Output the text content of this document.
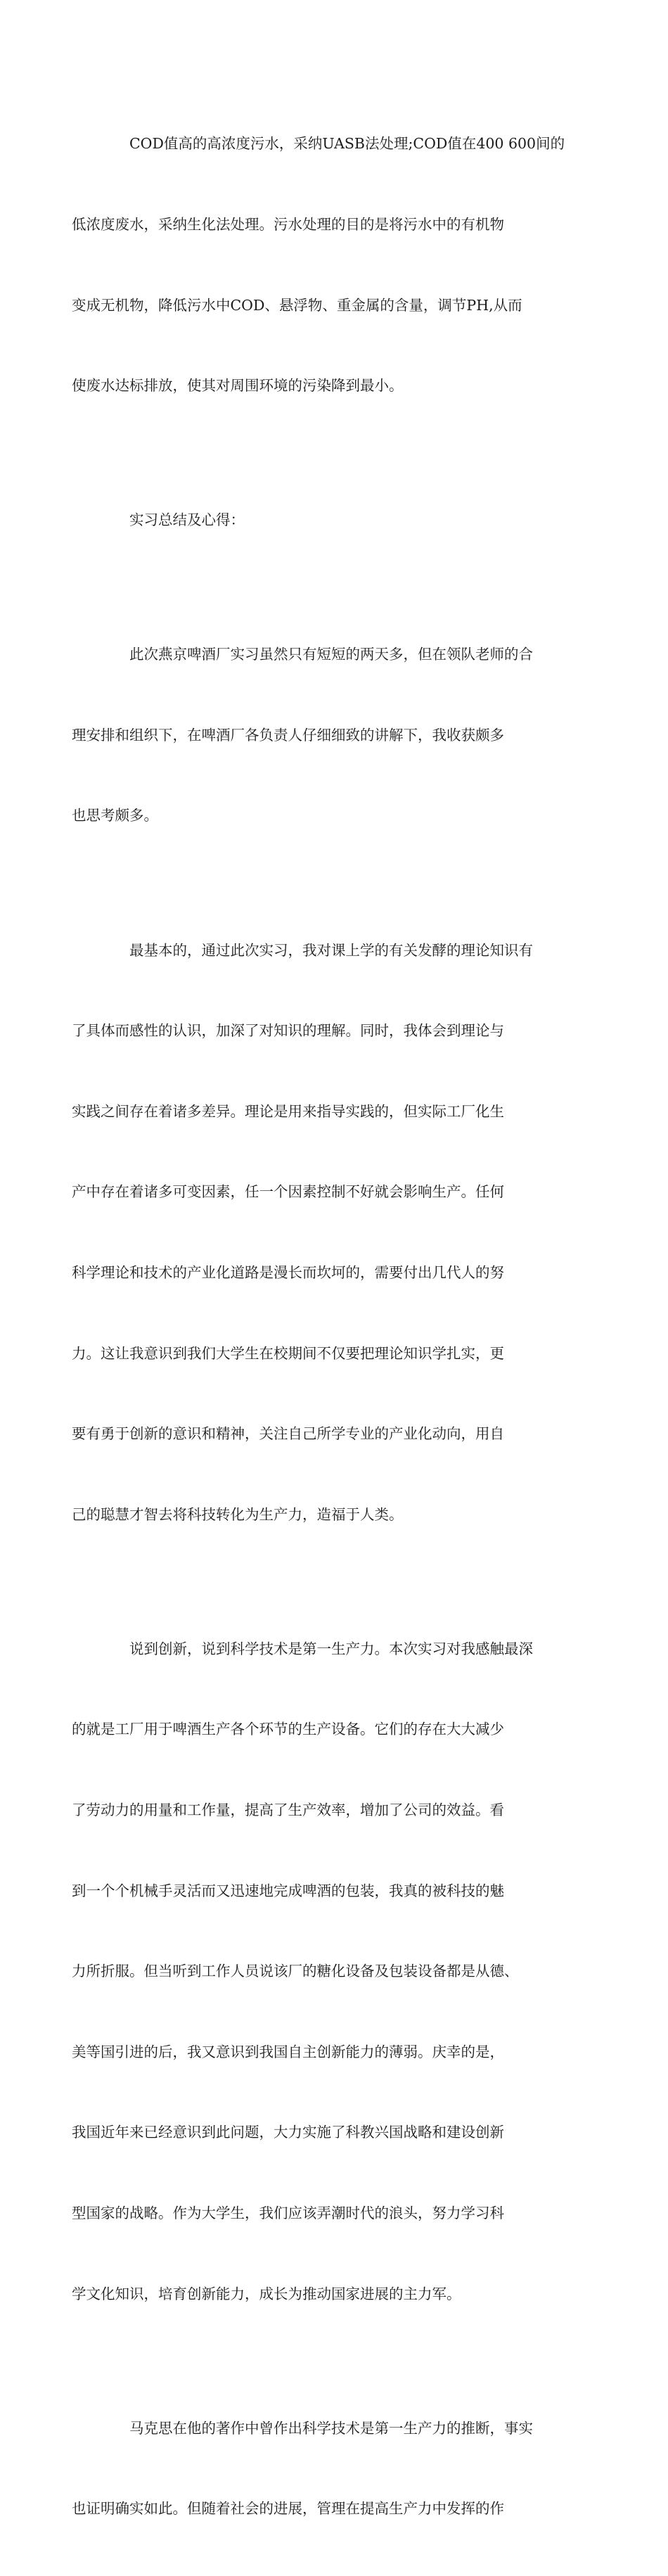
COD值高的高浓度污水，采纳UASB法处理;COD值在400 600间的

低浓度废水，采纳生化法处理。污水处理的目的是将污水中的有机物

变成无机物，降低污水中COD、悬浮物、重金属的含量，调节PH,从而

使废水达标排放，使其对周围环境的污染降到最小。

实习总结及心得：

此次燕京啤酒厂实习虽然只有短短的两天多，但在领队老师的合

理安排和组织下，在啤酒厂各负责人仔细细致的讲解下，我收获颇多

也思考颇多。

最基本的，通过此次实习，我对课上学的有关发酵的理论知识有

了具体而感性的认识，加深了对知识的理解。同时，我体会到理论与

实践之间存在着诸多差异。理论是用来指导实践的，但实际工厂化生

产中存在着诸多可变因素，任一个因素控制不好就会影响生产。任何

科学理论和技术的产业化道路是漫长而坎坷的，需要付出几代人的努

力。这让我意识到我们大学生在校期间不仅要把理论知识学扎实，更

要有勇于创新的意识和精神，关注自己所学专业的产业化动向，用自

己的聪慧才智去将科技转化为生产力，造福于人类。

说到创新，说到科学技术是第一生产力。本次实习对我感触最深

的就是工厂用于啤酒生产各个环节的生产设备。它们的存在大大减少

了劳动力的用量和工作量，提高了生产效率，增加了公司的效益。看

到一个个机械手灵活而又迅速地完成啤酒的包装，我真的被科技的魅

力所折服。但当听到工作人员说该厂的糖化设备及包装设备都是从德、

美等国引进的后，我又意识到我国自主创新能力的薄弱。庆幸的是，

我国近年来已经意识到此问题，大力实施了科教兴国战略和建设创新

型国家的战略。作为大学生，我们应该弄潮时代的浪头，努力学习科

学文化知识，培育创新能力，成长为推动国家进展的主力军。

马克思在他的著作中曾作出科学技术是第一生产力的推断，事实

也证明确实如此。但随着社会的进展，管理在提高生产力中发挥的作
